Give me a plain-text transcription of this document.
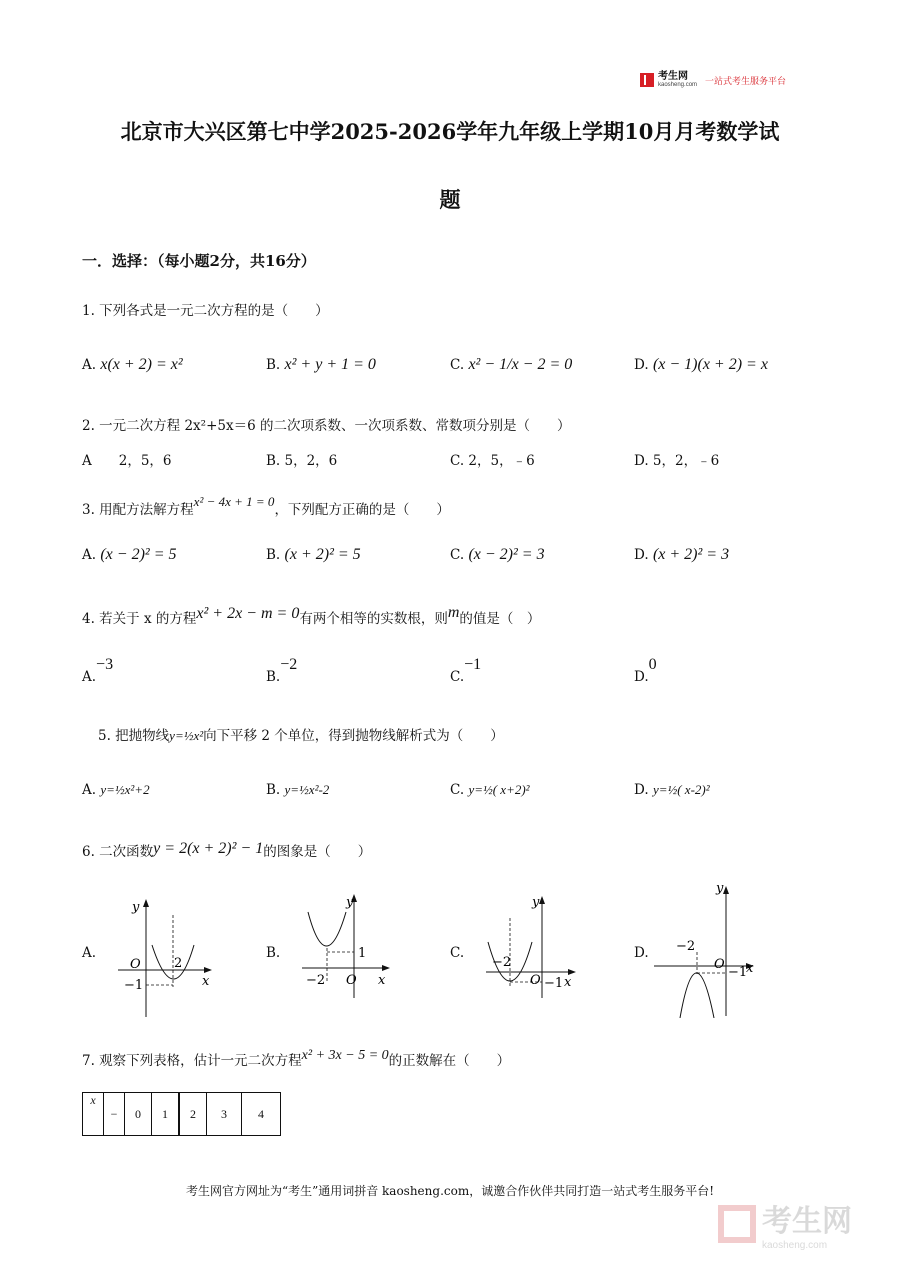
考生网
kaosheng.com 一站式考生服务平台
北京市大兴区第七中学2025-2026学年九年级上学期10月月考数学试
题
一．选择：（每小题2分，共16分）
1. 下列各式是一元二次方程的是（　　）
A. x(x + 2) = x²	B. x² + y + 1 = 0	C. x² − 1/x − 2 = 0	D. (x − 1)(x + 2) = x
2. 一元二次方程 2x²+5x＝6 的二次项系数、一次项系数、常数项分别是（　　）
A　　2，5，6	B. 5，2，6	C. 2，5，﹣6	D. 5，2，﹣6
3. 用配方法解方程x² − 4x + 1 = 0，下列配方正确的是（　　）
A. (x − 2)² = 5	B. (x + 2)² = 5	C. (x − 2)² = 3	D. (x + 2)² = 3
4. 若关于 x 的方程x² + 2x − m = 0有两个相等的实数根，则m的值是（　）
A.−3
B.−2
C.−1
D.0
5. 把抛物线y=½x²向下平移 2 个单位，得到抛物线解析式为（　　）
A. y=½x²+2	B. y=½x²-2	C. y=½( x+2)²	D. y=½( x-2)²
6. 二次函数y = 2(x + 2)² − 1的图象是（　　）
A.	B.	C.	D.
y
x
O	2
−1
y
x
O
1
−2
y
x
O
−2
−1
y
x
O
−2
−1
7. 观察下列表格，估计一元二次方程x² + 3x − 5 = 0的正数解在（　　）
x	−	0	1	2	3	4
考生网官方网址为“考生”通用词拼音 kaosheng.com，诚邀合作伙伴共同打造一站式考生服务平台!
考生网
kaosheng.com
